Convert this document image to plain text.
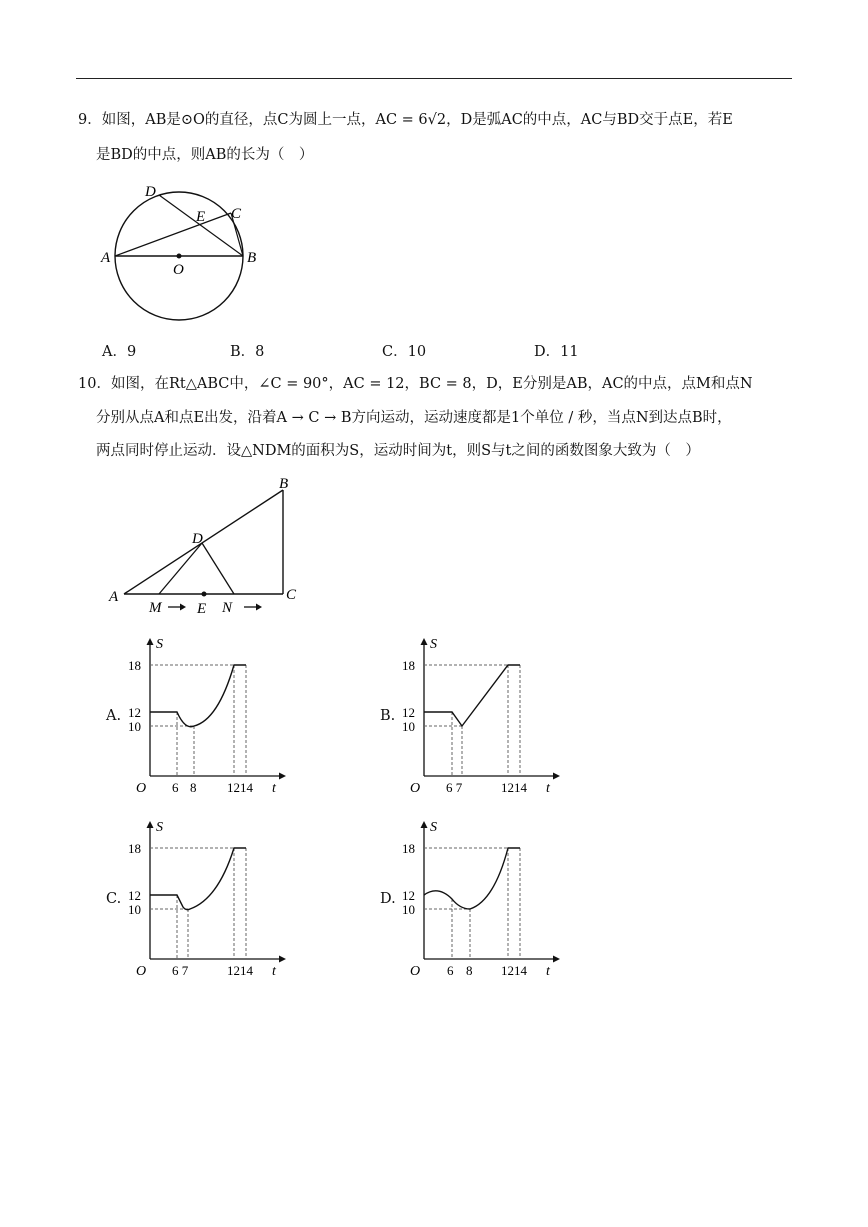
9．如图，AB是⊙O的直径，点C为圆上一点，AC = 6√2，D是弧AC的中点，AC与BD交于点E，若E
是BD的中点，则AB的长为（　）
D
E C
A	B
O
A．9	B．8	C．10	D．11
10．如图，在Rt△ABC中，∠C = 90°，AC = 12，BC = 8，D，E分别是AB，AC的中点，点M和点N
分别从点A和点E出发，沿着A → C → B方向运动，运动速度都是1个单位 / 秒，当点N到达点B时，
两点同时停止运动．设△NDM的面积为S，运动时间为t，则S与t之间的函数图象大致为（　）
B
D
A	C
M E N
A.
S
18
12
10
O 6 8 1214 t
B.
S
18
12
10
O 6 7	1214 t
C.
S
18
12
10
O 6 7	1214 t
D.
S
18
12
10
O 6 8 1214 t
